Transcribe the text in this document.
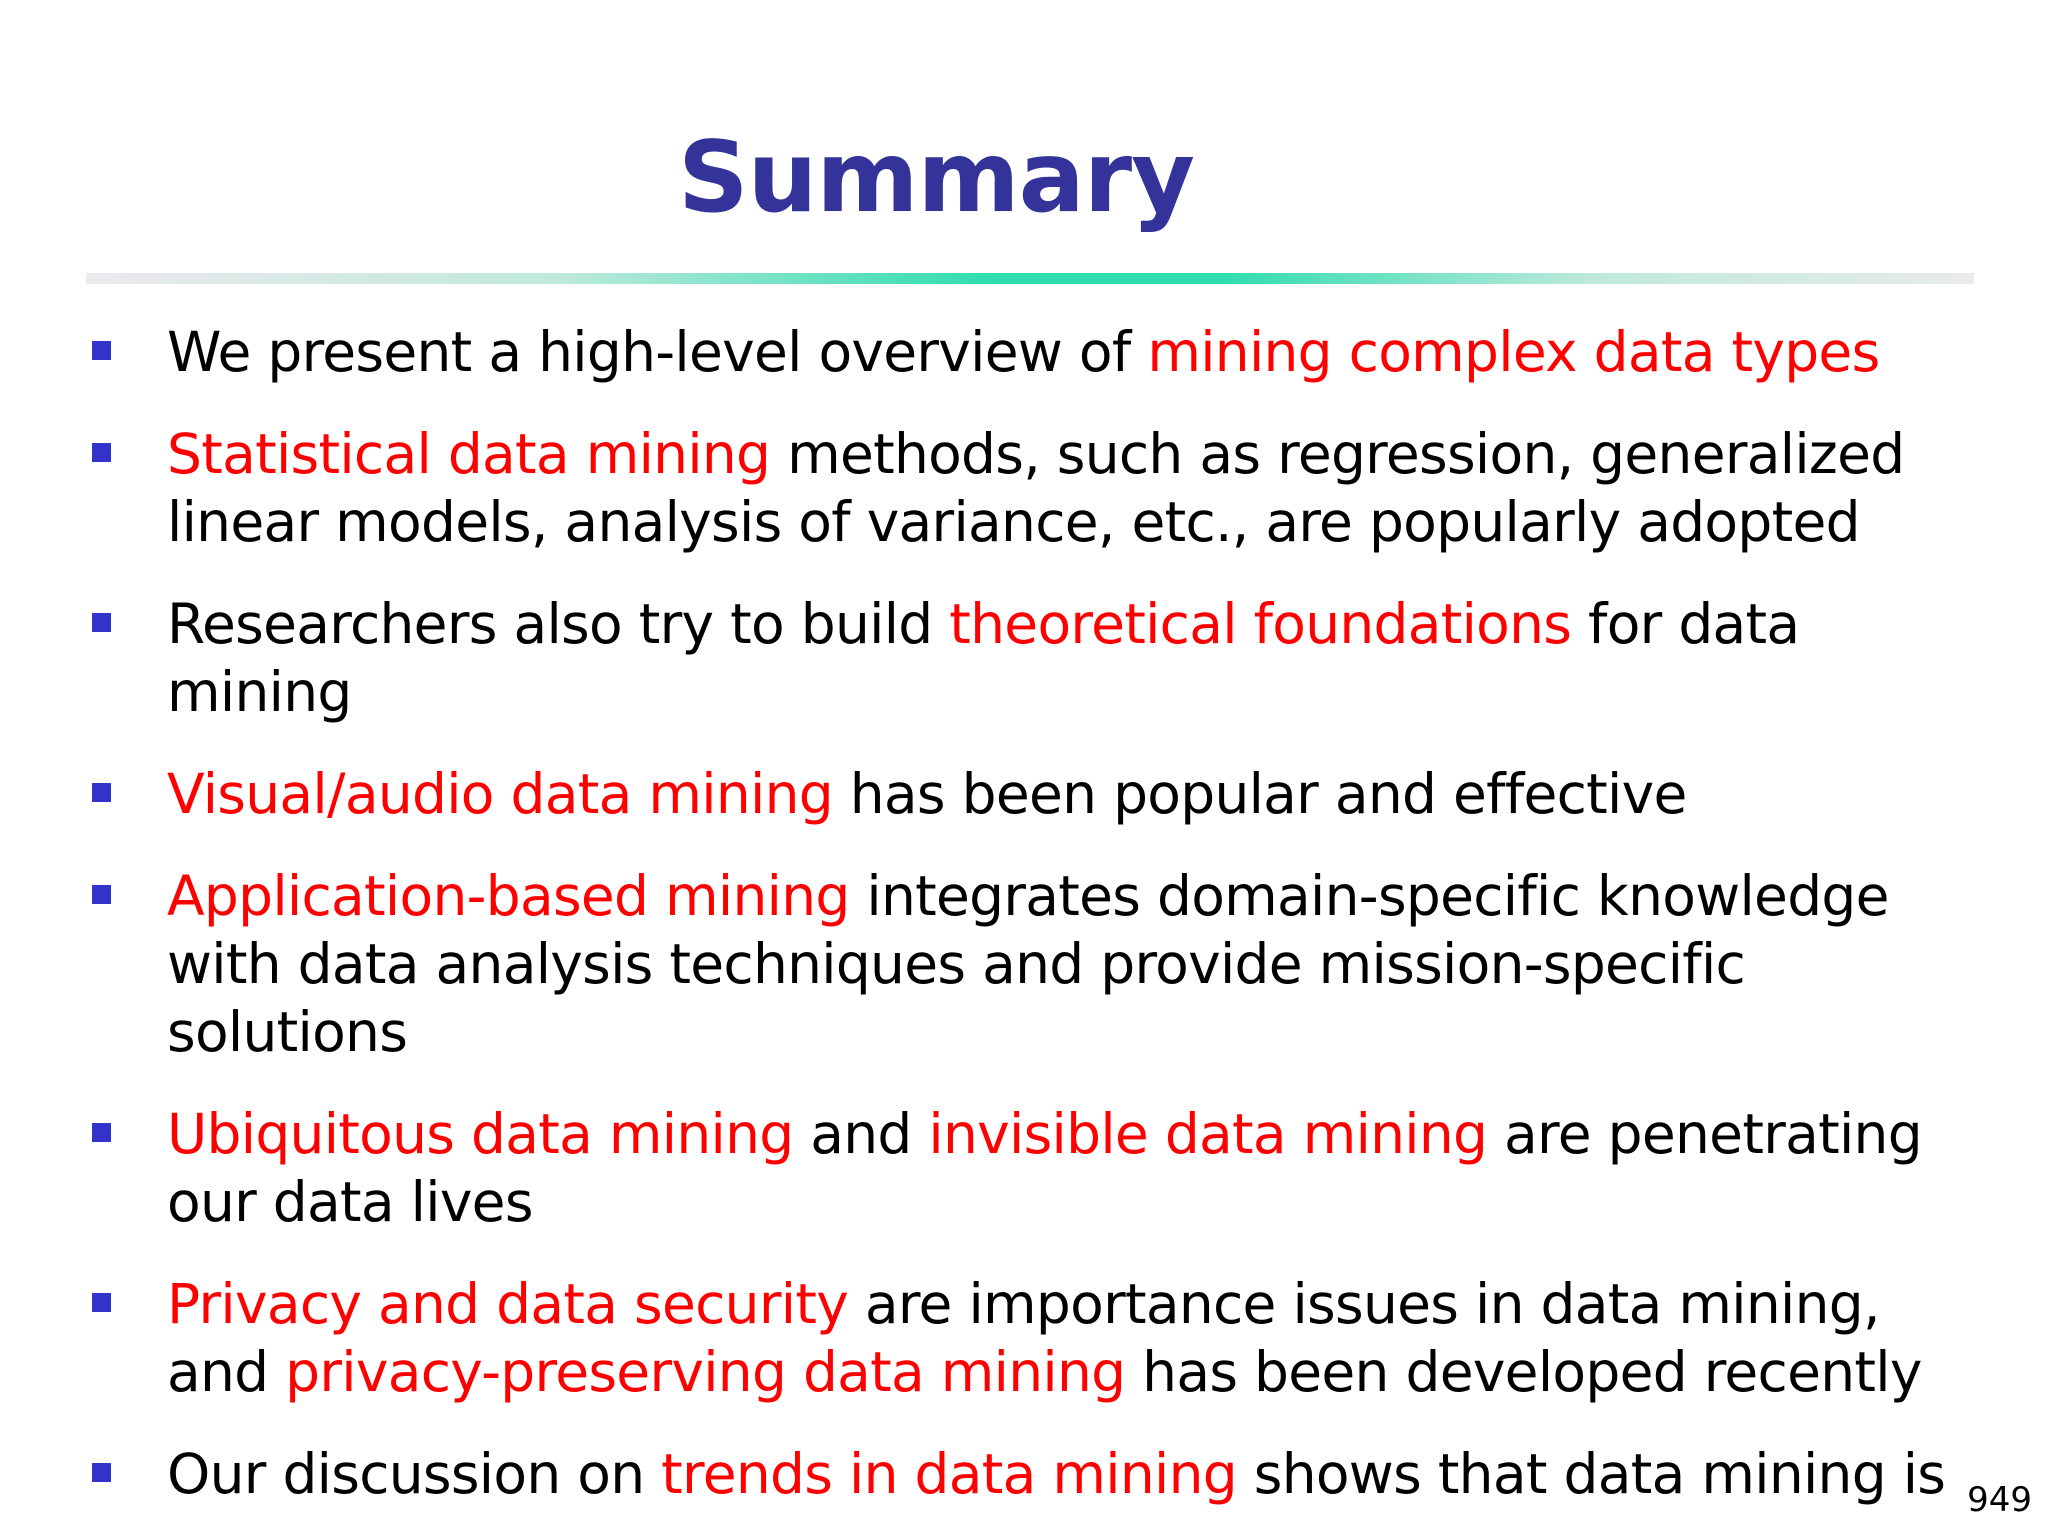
Summary
We present a high-level overview of mining complex data types
Statistical data mining methods, such as regression, generalized linear models, analysis of variance, etc., are popularly adopted
Researchers also try to build theoretical foundations for data mining
Visual/audio data mining has been popular and effective
Application-based mining integrates domain-specific knowledge with data analysis techniques and provide mission-specific solutions
Ubiquitous data mining and invisible data mining are penetrating our data lives
Privacy and data security are importance issues in data mining, and privacy-preserving data mining has been developed recently
Our discussion on trends in data mining shows that data mining is 949
